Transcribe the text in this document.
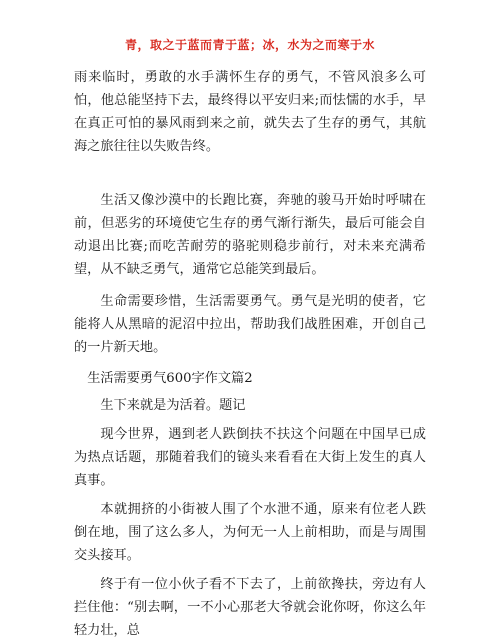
青，取之于蓝而青于蓝；冰，水为之而寒于水

雨来临时，勇敢的水手满怀生存的勇气，不管风浪多么可怕，他总能坚持下去，最终得以平安归来;而怯懦的水手，早在真正可怕的暴风雨到来之前，就失去了生存的勇气，其航海之旅往往以失败告终。

生活又像沙漠中的长跑比赛，奔驰的骏马开始时呼啸在前，但恶劣的环境使它生存的勇气渐行渐失，最后可能会自动退出比赛;而吃苦耐劳的骆驼则稳步前行，对未来充满希望，从不缺乏勇气，通常它总能笑到最后。

生命需要珍惜，生活需要勇气。勇气是光明的使者，它能将人从黑暗的泥沼中拉出，帮助我们战胜困难，开创自己的一片新天地。

生活需要勇气600字作文篇2

生下来就是为活着。题记

现今世界，遇到老人跌倒扶不扶这个问题在中国早已成为热点话题，那随着我们的镜头来看看在大街上发生的真人真事。

本就拥挤的小街被人围了个水泄不通，原来有位老人跌倒在地，围了这么多人，为何无一人上前相助，而是与周围交头接耳。

终于有一位小伙子看不下去了，上前欲搀扶，旁边有人拦住他：“别去啊，一不小心那老大爷就会讹你呀，你这么年轻力壮，总
